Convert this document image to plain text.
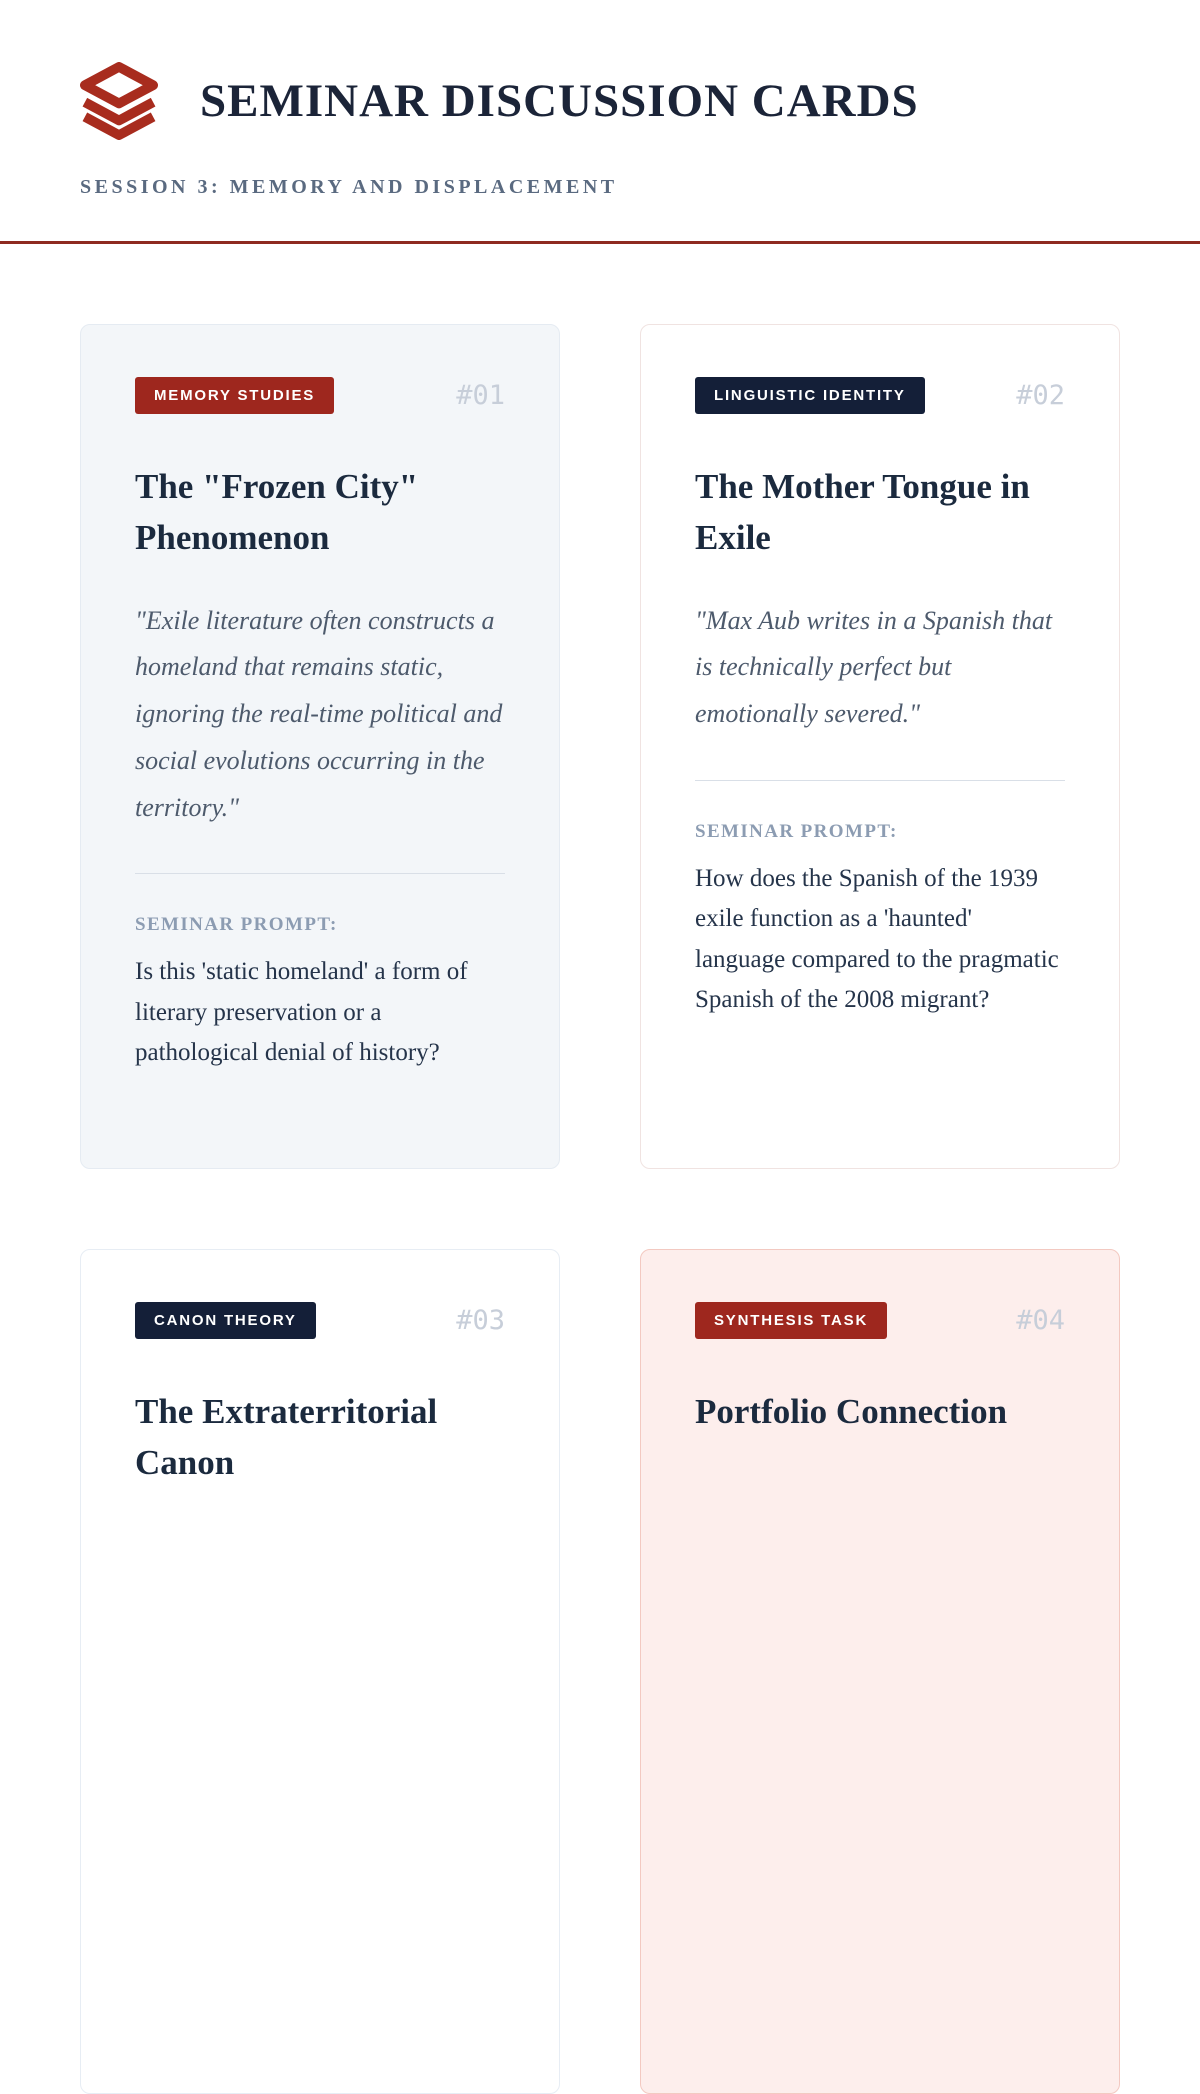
SEMINAR DISCUSSION CARDS
SESSION 3: MEMORY AND DISPLACEMENT
MEMORY STUDIES	#01
The "Frozen City" Phenomenon

"Exile literature often constructs a homeland that remains static, ignoring the real-time political and social evolutions occurring in the territory."

SEMINAR PROMPT:

Is this 'static homeland' a form of literary preservation or a pathological denial of history?

LINGUISTIC IDENTITY	#02
The Mother Tongue in Exile

"Max Aub writes in a Spanish that is technically perfect but emotionally severed."

SEMINAR PROMPT:

How does the Spanish of the 1939 exile function as a 'haunted' language compared to the pragmatic Spanish of the 2008 migrant?

CANON THEORY	#03
The Extraterritorial Canon
SYNTHESIS TASK	#04
Portfolio Connection
